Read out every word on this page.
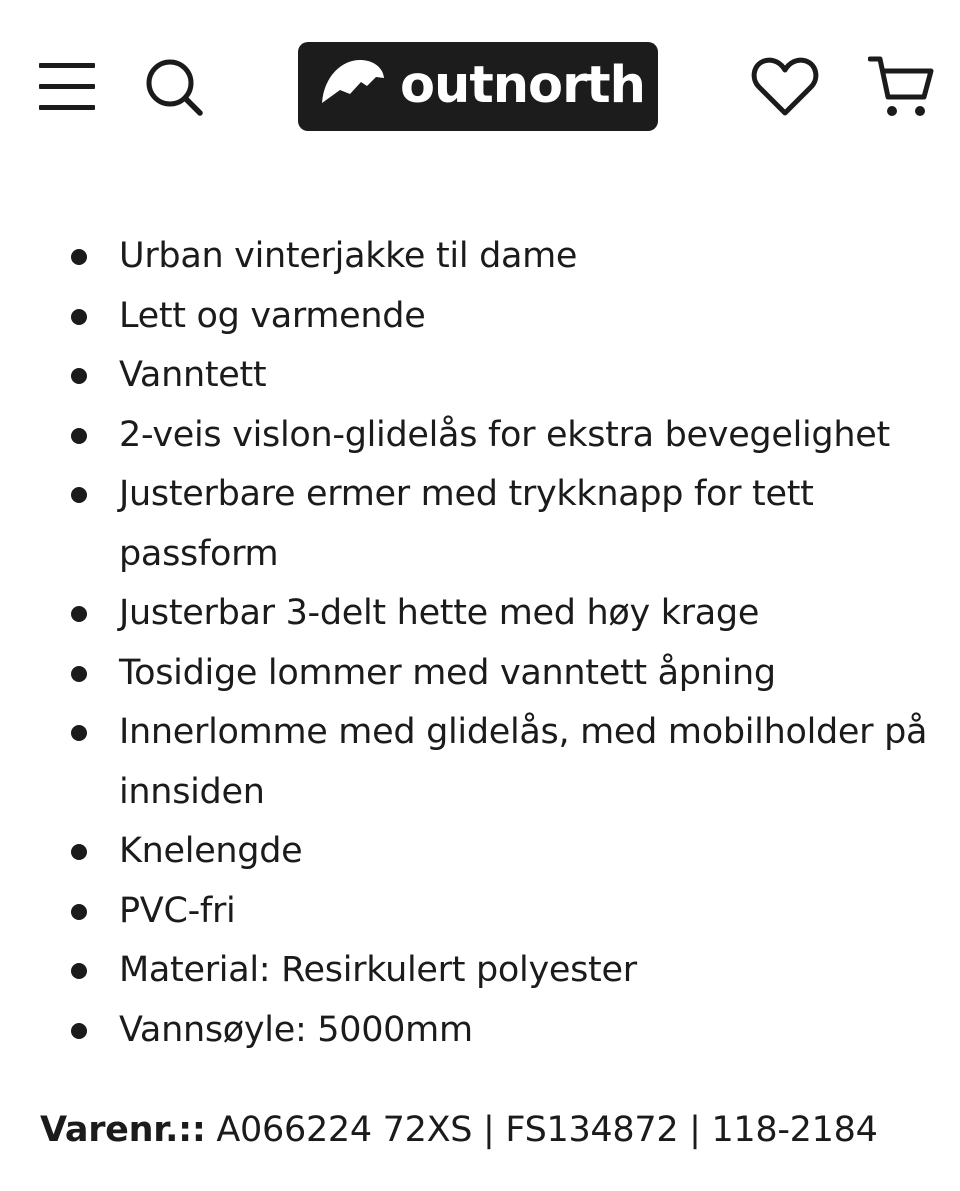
outnorth
Urban vinterjakke til dame
Lett og varmende
Vanntett
2-veis vislon-glidelås for ekstra bevegelighet
Justerbare ermer med trykknapp for tett passform
Justerbar 3-delt hette med høy krage
Tosidige lommer med vanntett åpning
Innerlomme med glidelås, med mobilholder på innsiden
Knelengde
PVC-fri
Material: Resirkulert polyester
Vannsøyle: 5000mm
Varenr.:: A066224 72XS | FS134872 | 118-2184
